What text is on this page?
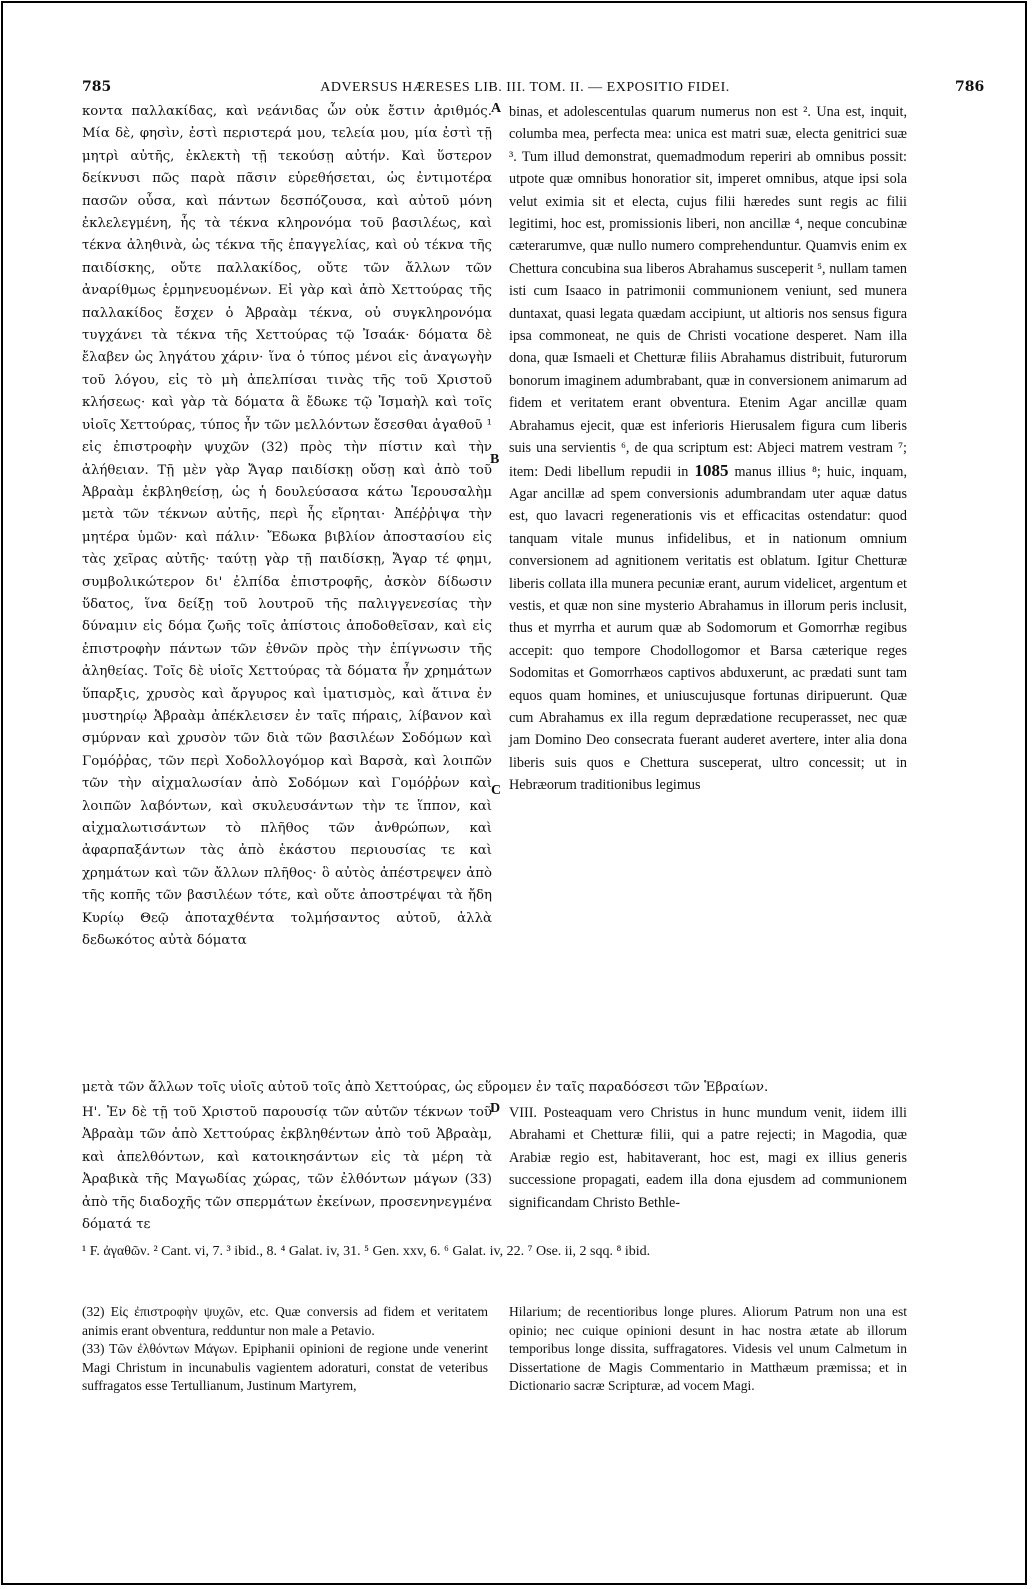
785	ADVERSUS HÆRESES LIB. III. TOM. II. — EXPOSITIO FIDEI.	786
A
B
C
D

κοντα παλλακίδας, καὶ νεάνιδας ὧν οὐκ ἔστιν ἀριθμός. Μία δὲ, φησὶν, ἐστὶ περιστερά μου, τελεία μου, μία ἐστὶ τῇ μητρὶ αὐτῆς, ἐκλεκτὴ τῇ τεκούσῃ αὐτήν. Καὶ ὕστερον δείκνυσι πῶς παρὰ πᾶσιν εὑρεθήσεται, ὡς ἐντιμοτέρα πασῶν οὖσα, καὶ πάντων δεσπόζουσα, καὶ αὐτοῦ μόνη ἐκλελεγμένη, ἧς τὰ τέκνα κληρονόμα τοῦ βασιλέως, καὶ τέκνα ἀληθινὰ, ὡς τέκνα τῆς ἐπαγγελίας, καὶ οὐ τέκνα τῆς παιδίσκης, οὔτε παλλακίδος, οὔτε τῶν ἄλλων τῶν ἀναρίθμως ἑρμηνευομένων. Εἰ γὰρ καὶ ἀπὸ Χεττούρας τῆς παλλακίδος ἔσχεν ὁ Ἀβραὰμ τέκνα, οὐ συγκληρονόμα τυγχάνει τὰ τέκνα τῆς Χεττούρας τῷ Ἰσαάκ· δόματα δὲ ἔλαβεν ὡς ληγάτου χάριν· ἵνα ὁ τύπος μένοι εἰς ἀναγωγὴν τοῦ λόγου, εἰς τὸ μὴ ἀπελπίσαι τινὰς τῆς τοῦ Χριστοῦ κλήσεως· καὶ γὰρ τὰ δόματα ἃ ἔδωκε τῷ Ἰσμαὴλ καὶ τοῖς υἱοῖς Χεττούρας, τύπος ἦν τῶν μελλόντων ἔσεσθαι ἀγαθοῦ ¹ εἰς ἐπιστροφὴν ψυχῶν (32) πρὸς τὴν πίστιν καὶ τὴν ἀλήθειαν. Τῇ μὲν γὰρ Ἄγαρ παιδίσκῃ οὔσῃ καὶ ἀπὸ τοῦ Ἀβραὰμ ἐκβληθείσῃ, ὡς ἡ δουλεύσασα κάτω Ἱερουσαλὴμ μετὰ τῶν τέκνων αὐτῆς, περὶ ἧς εἴρηται· Ἀπέῤῥιψα τὴν μητέρα ὑμῶν· καὶ πάλιν· Ἔδωκα βιβλίον ἀποστασίου εἰς τὰς χεῖρας αὐτῆς· ταύτῃ γὰρ τῇ παιδίσκῃ, Ἄγαρ τέ φημι, συμβολικώτερον δι' ἐλπίδα ἐπιστροφῆς, ἀσκὸν δίδωσιν ὕδατος, ἵνα δείξῃ τοῦ λουτροῦ τῆς παλιγγενεσίας τὴν δύναμιν εἰς δόμα ζωῆς τοῖς ἀπίστοις ἀποδοθεῖσαν, καὶ εἰς ἐπιστροφὴν πάντων τῶν ἐθνῶν πρὸς τὴν ἐπίγνωσιν τῆς ἀληθείας. Τοῖς δὲ υἱοῖς Χεττούρας τὰ δόματα ἦν χρημάτων ὕπαρξις, χρυσὸς καὶ ἄργυρος καὶ ἱματισμὸς, καὶ ἅτινα ἐν μυστηρίῳ Ἀβραὰμ ἀπέκλεισεν ἐν ταῖς πήραις, λίβανον καὶ σμύρναν καὶ χρυσὸν τῶν διὰ τῶν βασιλέων Σοδόμων καὶ Γομόῤῥας, τῶν περὶ Χοδολλογόμορ καὶ Βαρσὰ, καὶ λοιπῶν τῶν τὴν αἰχμαλωσίαν ἀπὸ Σοδόμων καὶ Γομόῤῥων καὶ λοιπῶν λαβόντων, καὶ σκυλευσάντων τὴν τε ἵππον, καὶ αἰχμαλωτισάντων τὸ πλῆθος τῶν ἀνθρώπων, καὶ ἀφαρπαξάντων τὰς ἀπὸ ἑκάστου περιουσίας τε καὶ χρημάτων καὶ τῶν ἄλλων πλῆθος· ὃ αὐτὸς ἀπέστρεψεν ἀπὸ τῆς κοπῆς τῶν βασιλέων τότε, καὶ οὔτε ἀποστρέψαι τὰ ἤδη Κυρίῳ Θεῷ ἀποταχθέντα τολμήσαντος αὐτοῦ, ἀλλὰ δεδωκότος αὐτὰ δόματα

binas, et adolescentulas quarum numerus non est ². Una est, inquit, columba mea, perfecta mea: unica est matri suæ, electa genitrici suæ ³. Tum illud demonstrat, quemadmodum reperiri ab omnibus possit: utpote quæ omnibus honoratior sit, imperet omnibus, atque ipsi sola velut eximia sit et electa, cujus filii hæredes sunt regis ac filii legitimi, hoc est, promissionis liberi, non ancillæ ⁴, neque concubinæ cæterarumve, quæ nullo numero comprehenduntur. Quamvis enim ex Chettura concubina sua liberos Abrahamus susceperit ⁵, nullam tamen isti cum Isaaco in patrimonii communionem veniunt, sed munera duntaxat, quasi legata quædam accipiunt, ut altioris nos sensus figura ipsa commoneat, ne quis de Christi vocatione desperet. Nam illa dona, quæ Ismaeli et Chetturæ filiis Abrahamus distribuit, futurorum bonorum imaginem adumbrabant, quæ in conversionem animarum ad fidem et veritatem erant obventura. Etenim Agar ancillæ quam Abrahamus ejecit, quæ est inferioris Hierusalem figura cum liberis suis una servientis ⁶, de qua scriptum est: Abjeci matrem vestram ⁷; item: Dedi libellum repudii in 1085 manus illius ⁸; huic, inquam, Agar ancillæ ad spem conversionis adumbrandam uter aquæ datus est, quo lavacri regenerationis vis et efficacitas ostendatur: quod tanquam vitale munus infidelibus, et in nationum omnium conversionem ad agnitionem veritatis est oblatum. Igitur Chetturæ liberis collata illa munera pecuniæ erant, aurum videlicet, argentum et vestis, et quæ non sine mysterio Abrahamus in illorum peris inclusit, thus et myrrha et aurum quæ ab Sodomorum et Gomorrhæ regibus accepit: quo tempore Chodollogomor et Barsa cæterique reges Sodomitas et Gomorrhæos captivos abduxerunt, ac prædati sunt tam equos quam homines, et uniuscujusque fortunas diripuerunt. Quæ cum Abrahamus ex illa regum deprædatione recuperasset, nec quæ jam Domino Deo consecrata fuerant auderet avertere, inter alia dona liberis suis quos e Chettura susceperat, ultro concessit; ut in Hebræorum traditionibus legimus

μετὰ τῶν ἄλλων τοῖς υἱοῖς αὐτοῦ τοῖς ἀπὸ Χεττούρας, ὡς εὕρομεν ἐν ταῖς παραδόσεσι τῶν Ἑβραίων.

Η'. Ἐν δὲ τῇ τοῦ Χριστοῦ παρουσίᾳ τῶν αὐτῶν τέκνων τοῦ Ἀβραὰμ τῶν ἀπὸ Χεττούρας ἐκβληθέντων ἀπὸ τοῦ Ἀβραὰμ, καὶ ἀπελθόντων, καὶ κατοικησάντων εἰς τὰ μέρη τὰ Ἀραβικὰ τῆς Μαγωδίας χώρας, τῶν ἐλθόντων μάγων (33) ἀπὸ τῆς διαδοχῆς τῶν σπερμάτων ἐκείνων, προσενηνεγμένα δόματά τε

VIII. Posteaquam vero Christus in hunc mundum venit, iidem illi Abrahami et Chetturæ filii, qui a patre rejecti; in Magodia, quæ Arabiæ regio est, habitaverant, hoc est, magi ex illius generis successione propagati, eadem illa dona ejusdem ad communionem significandam Christo Bethle-

¹ F. ἀγαθῶν. ² Cant. vi, 7. ³ ibid., 8. ⁴ Galat. iv, 31. ⁵ Gen. xxv, 6. ⁶ Galat. iv, 22. ⁷ Ose. ii, 2 sqq. ⁸ ibid.

(32) Εἰς ἐπιστροφὴν ψυχῶν, etc. Quæ conversis ad fidem et veritatem animis erant obventura, redduntur non male a Petavio.

(33) Τῶν ἐλθόντων Μάγων. Epiphanii opinioni de regione unde venerint Magi Christum in incunabulis vagientem adoraturi, constat de veteribus suffragatos esse Tertullianum, Justinum Martyrem,

Hilarium; de recentioribus longe plures. Aliorum Patrum non una est opinio; nec cuique opinioni desunt in hac nostra ætate ab illorum temporibus longe dissita, suffragatores. Videsis vel unum Calmetum in Dissertatione de Magis Commentario in Matthæum præmissa; et in Dictionario sacræ Scripturæ, ad vocem Magi.
